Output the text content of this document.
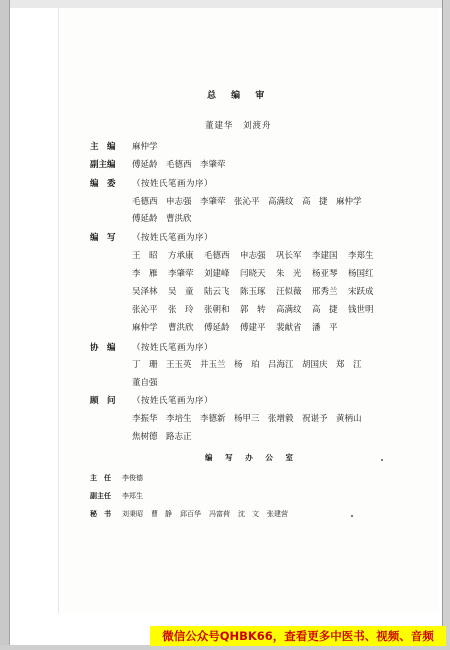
总 编 审
董建华　刘渡舟
主　编	麻仲学
副主编	傅延龄　毛德西　李肇荦
编　委	（按姓氏笔画为序）
毛德西　申志强　李肇荦　张沁平　高满纹　高　捷　麻仲学
傅延龄　曹洪欣
编　写	（按姓氏笔画为序）
王　昭	方承康	毛德西	申志强	巩长军	李建国	李郑生
李　雁	李肇荦	刘建峰	闫晓天	朱　光	杨亚琴	杨国红
吴泽林	吴　童	陆云飞	陈玉琢	汪似薇	邢秀兰	宋跃成
张沁平	张　玲	张朝和	郭　转	高满纹	高　捷	钱世明
麻仲学	曹洪欣	傅延龄	傅建平	裴献省	潘　平
协　编	（按姓氏笔画为序）
丁　珊　王玉英　井玉兰　杨　珀　吕海江　胡国庆　郑　江
董自强
顾　问	（按姓氏笔画为序）
李振华　李培生　李德新　杨甲三　张增毅　祝谌予　黄柄山
焦树德　路志正
编 写 办 公 室
主　任 李俊德
副主任 李郑生
秘　书 刘秉昭 曹　静 邱百华 冯富荷 沈　文 张建营
微信公众号QHBK66，查看更多中医书、视频、音频
